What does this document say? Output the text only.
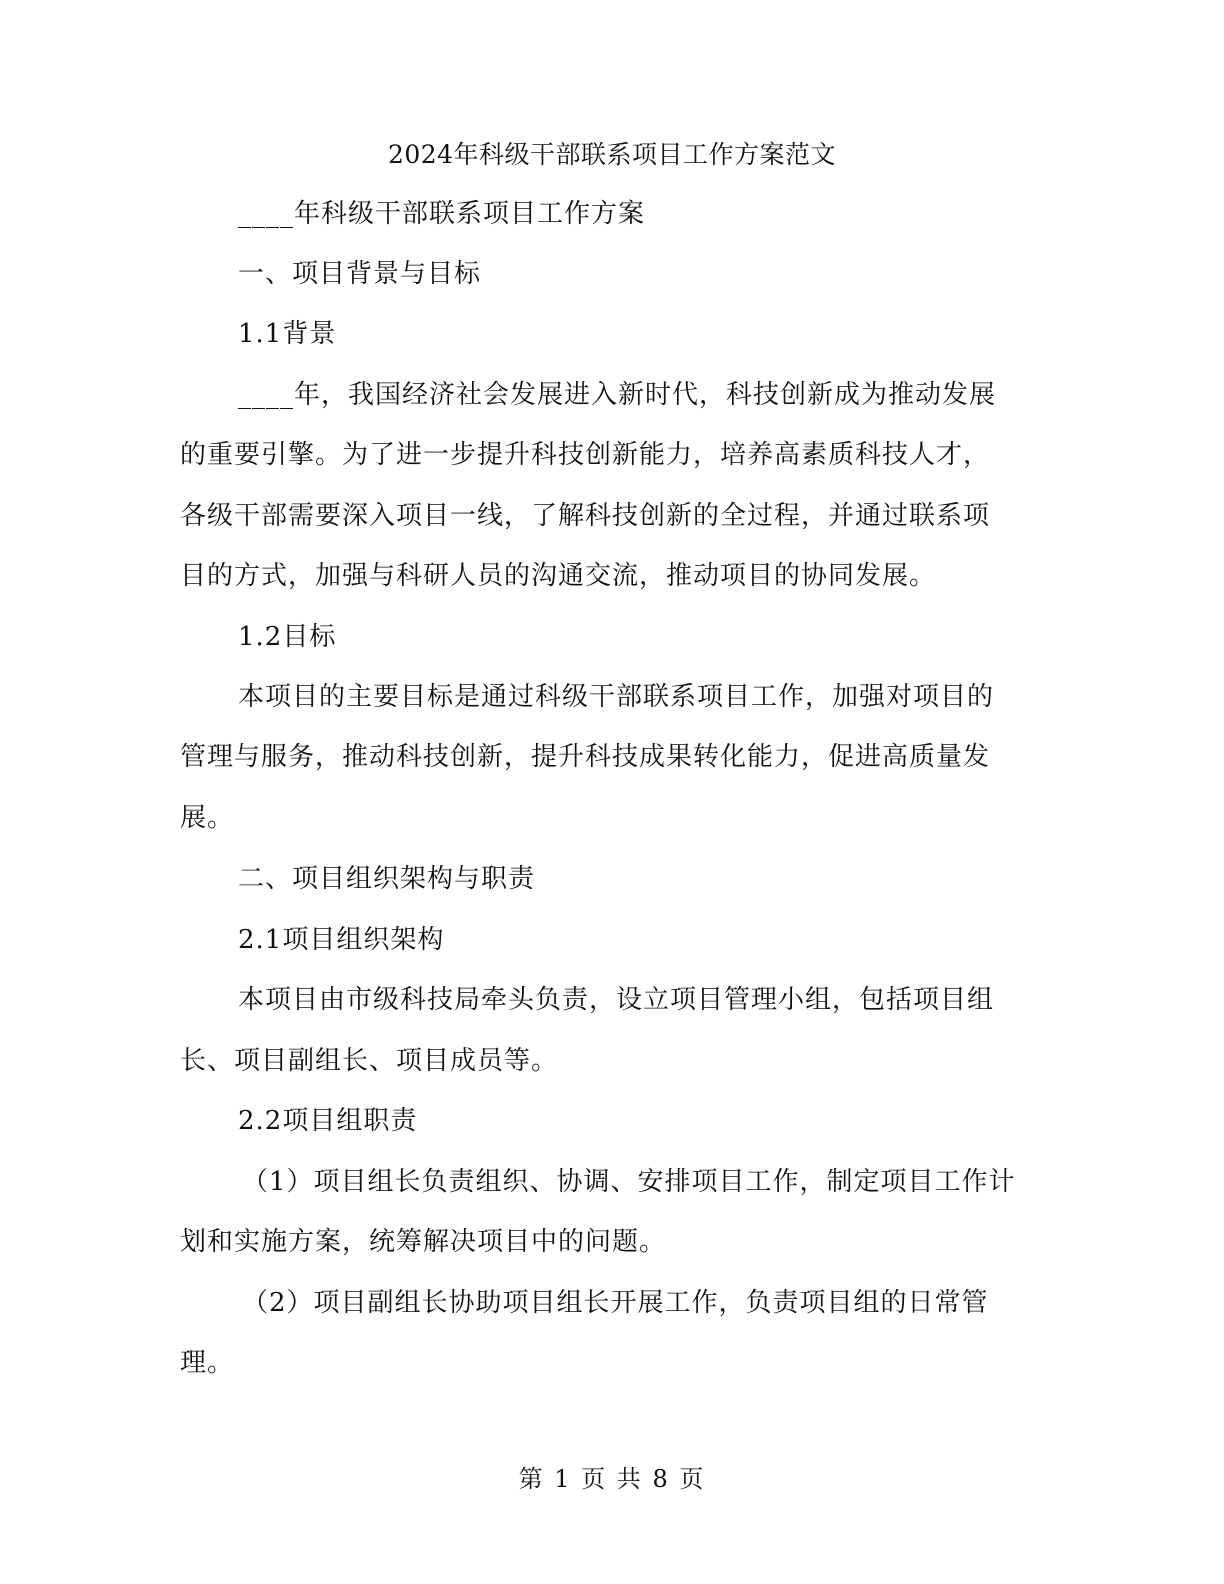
2024年科级干部联系项目工作方案范文
____年科级干部联系项目工作方案
一、项目背景与目标
1.1背景
____年，我国经济社会发展进入新时代，科技创新成为推动发展
的重要引擎。为了进一步提升科技创新能力，培养高素质科技人才，
各级干部需要深入项目一线，了解科技创新的全过程，并通过联系项
目的方式，加强与科研人员的沟通交流，推动项目的协同发展。
1.2目标
本项目的主要目标是通过科级干部联系项目工作，加强对项目的
管理与服务，推动科技创新，提升科技成果转化能力，促进高质量发
展。
二、项目组织架构与职责
2.1项目组织架构
本项目由市级科技局牵头负责，设立项目管理小组，包括项目组
长、项目副组长、项目成员等。
2.2项目组职责
（1）项目组长负责组织、协调、安排项目工作，制定项目工作计
划和实施方案，统筹解决项目中的问题。
（2）项目副组长协助项目组长开展工作，负责项目组的日常管
理。
第 1 页 共 8 页
